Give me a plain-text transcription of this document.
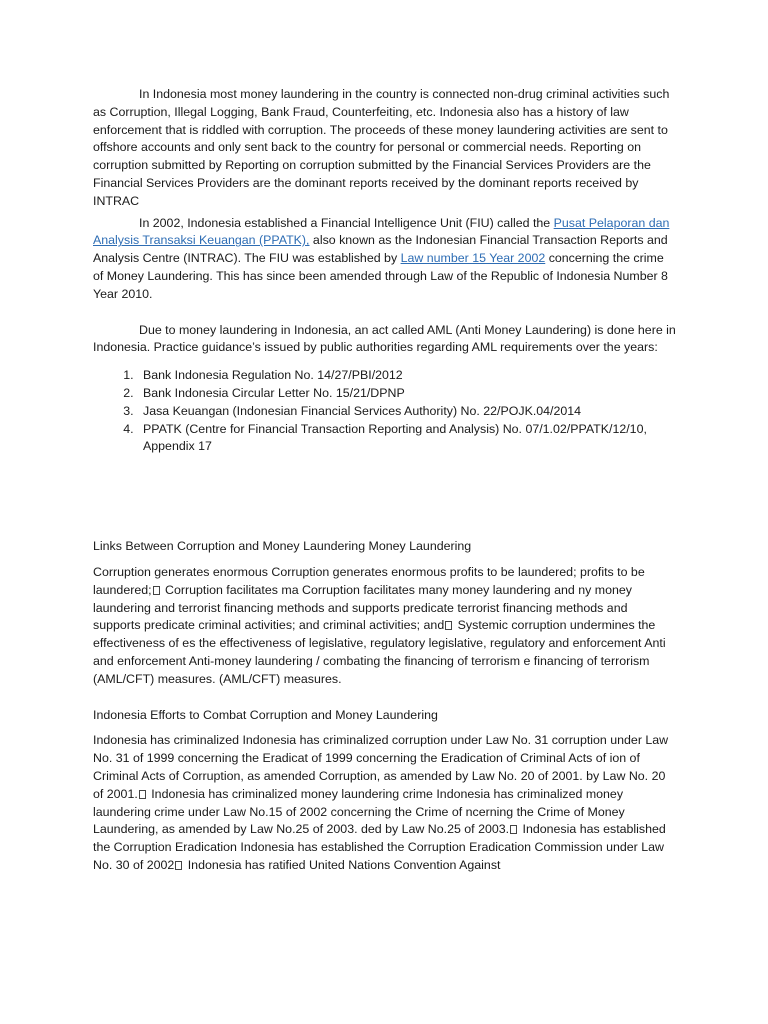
In Indonesia most money laundering in the country is connected non-drug criminal activities such as Corruption, Illegal Logging, Bank Fraud, Counterfeiting, etc. Indonesia also has a history of law enforcement that is riddled with corruption. The proceeds of these money laundering activities are sent to offshore accounts and only sent back to the country for personal or commercial needs. Reporting on corruption submitted by Reporting on corruption submitted by the Financial Services Providers are the Financial Services Providers are the dominant reports received by the dominant reports received by INTRAC

In 2002, Indonesia established a Financial Intelligence Unit (FIU) called the Pusat Pelaporan dan Analysis Transaksi Keuangan (PPATK), also known as the Indonesian Financial Transaction Reports and Analysis Centre (INTRAC). The FIU was established by Law number 15 Year 2002 concerning the crime of Money Laundering. This has since been amended through Law of the Republic of Indonesia Number 8 Year 2010.

Due to money laundering in Indonesia, an act called AML (Anti Money Laundering) is done here in Indonesia. Practice guidance’s issued by public authorities regarding AML requirements over the years:

1. Bank Indonesia Regulation No. 14/27/PBI/2012
2. Bank Indonesia Circular Letter No. 15/21/DPNP
3. Jasa Keuangan (Indonesian Financial Services Authority) No. 22/POJK.04/2014
4. PPATK (Centre for Financial Transaction Reporting and Analysis) No. 07/1.02/PPATK/12/10, Appendix 17

Links Between Corruption and Money Laundering Money Laundering

Corruption generates enormous Corruption generates enormous profits to be laundered; profits to be laundered; Corruption facilitates ma Corruption facilitates many money laundering and ny money laundering and terrorist financing methods and supports predicate terrorist financing methods and supports predicate criminal activities; and criminal activities; and Systemic corruption undermines the effectiveness of es the effectiveness of legislative, regulatory legislative, regulatory and enforcement Anti and enforcement Anti-money laundering / combating the financing of terrorism e financing of terrorism (AML/CFT) measures. (AML/CFT) measures.

Indonesia Efforts to Combat Corruption and Money Laundering

Indonesia has criminalized Indonesia has criminalized corruption under Law No. 31 corruption under Law No. 31 of 1999 concerning the Eradicat of 1999 concerning the Eradication of Criminal Acts of ion of Criminal Acts of Corruption, as amended Corruption, as amended by Law No. 20 of 2001. by Law No. 20 of 2001. Indonesia has criminalized money laundering crime Indonesia has criminalized money laundering crime under Law No.15 of 2002 concerning the Crime of ncerning the Crime of Money Laundering, as amended by Law No.25 of 2003. ded by Law No.25 of 2003. Indonesia has established the Corruption Eradication Indonesia has established the Corruption Eradication Commission under Law No. 30 of 2002 Indonesia has ratified United Nations Convention Against
